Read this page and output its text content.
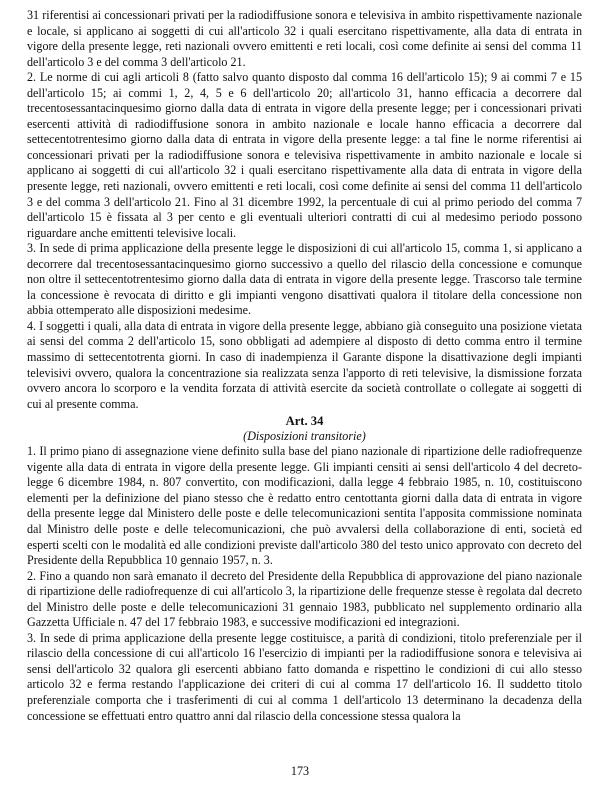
31 riferentisi ai concessionari privati per la radiodiffusione sonora e televisiva in ambito rispettivamente nazionale e locale, si applicano ai soggetti di cui all'articolo 32 i quali esercitano rispettivamente, alla data di entrata in vigore della presente legge, reti nazionali ovvero emittenti e reti locali, così come definite ai sensi del comma 11 dell'articolo 3 e del comma 3 dell'articolo 21.

2. Le norme di cui agli articoli 8 (fatto salvo quanto disposto dal comma 16 dell'articolo 15); 9 ai commi 7 e 15 dell'articolo 15; ai commi 1, 2, 4, 5 e 6 dell'articolo 20; all'articolo 31, hanno efficacia a decorrere dal trecentosessantacinquesimo giorno dalla data di entrata in vigore della presente legge; per i concessionari privati esercenti attività di radiodiffusione sonora in ambito nazionale e locale hanno efficacia a decorrere dal settecentotrentesimo giorno dalla data di entrata in vigore della presente legge: a tal fine le norme riferentisi ai concessionari privati per la radiodiffusione sonora e televisiva rispettivamente in ambito nazionale e locale si applicano ai soggetti di cui all'articolo 32 i quali esercitano rispettivamente alla data di entrata in vigore della presente legge, reti nazionali, ovvero emittenti e reti locali, così come definite ai sensi del comma 11 dell'articolo 3 e del comma 3 dell'articolo 21. Fino al 31 dicembre 1992, la percentuale di cui al primo periodo del comma 7 dell'articolo 15 è fissata al 3 per cento e gli eventuali ulteriori contratti di cui al medesimo periodo possono riguardare anche emittenti televisive locali.

3. In sede di prima applicazione della presente legge le disposizioni di cui all'articolo 15, comma 1, si applicano a decorrere dal trecentosessantacinquesimo giorno successivo a quello del rilascio della concessione e comunque non oltre il settecentotrentesimo giorno dalla data di entrata in vigore della presente legge. Trascorso tale termine la concessione è revocata di diritto e gli impianti vengono disattivati qualora il titolare della concessione non abbia ottemperato alle disposizioni medesime.

4. I soggetti i quali, alla data di entrata in vigore della presente legge, abbiano già conseguito una posizione vietata ai sensi del comma 2 dell'articolo 15, sono obbligati ad adempiere al disposto di detto comma entro il termine massimo di settecentotrenta giorni. In caso di inadempienza il Garante dispone la disattivazione degli impianti televisivi ovvero, qualora la concentrazione sia realizzata senza l'apporto di reti televisive, la dismissione forzata ovvero ancora lo scorporo e la vendita forzata di attività esercite da società controllate o collegate ai soggetti di cui al presente comma.

Art. 34
(Disposizioni transitorie)

1. Il primo piano di assegnazione viene definito sulla base del piano nazionale di ripartizione delle radiofrequenze vigente alla data di entrata in vigore della presente legge. Gli impianti censiti ai sensi dell'articolo 4 del decreto-legge 6 dicembre 1984, n. 807 convertito, con modificazioni, dalla legge 4 febbraio 1985, n. 10, costituiscono elementi per la definizione del piano stesso che è redatto entro centottanta giorni dalla data di entrata in vigore della presente legge dal Ministero delle poste e delle telecomunicazioni sentita l'apposita commissione nominata dal Ministro delle poste e delle telecomunicazioni, che può avvalersi della collaborazione di enti, società ed esperti scelti con le modalità ed alle condizioni previste dall'articolo 380 del testo unico approvato con decreto del Presidente della Repubblica 10 gennaio 1957, n. 3.

2. Fino a quando non sarà emanato il decreto del Presidente della Repubblica di approvazione del piano nazionale di ripartizione delle radiofrequenze di cui all'articolo 3, la ripartizione delle frequenze stesse è regolata dal decreto del Ministro delle poste e delle telecomunicazioni 31 gennaio 1983, pubblicato nel supplemento ordinario alla Gazzetta Ufficiale n. 47 del 17 febbraio 1983, e successive modificazioni ed integrazioni.

3. In sede di prima applicazione della presente legge costituisce, a parità di condizioni, titolo preferenziale per il rilascio della concessione di cui all'articolo 16 l'esercizio di impianti per la radiodiffusione sonora e televisiva ai sensi dell'articolo 32 qualora gli esercenti abbiano fatto domanda e rispettino le condizioni di cui allo stesso articolo 32 e ferma restando l'applicazione dei criteri di cui al comma 17 dell'articolo 16. Il suddetto titolo preferenziale comporta che i trasferimenti di cui al comma 1 dell'articolo 13 determinano la decadenza della concessione se effettuati entro quattro anni dal rilascio della concessione stessa qualora la

173
